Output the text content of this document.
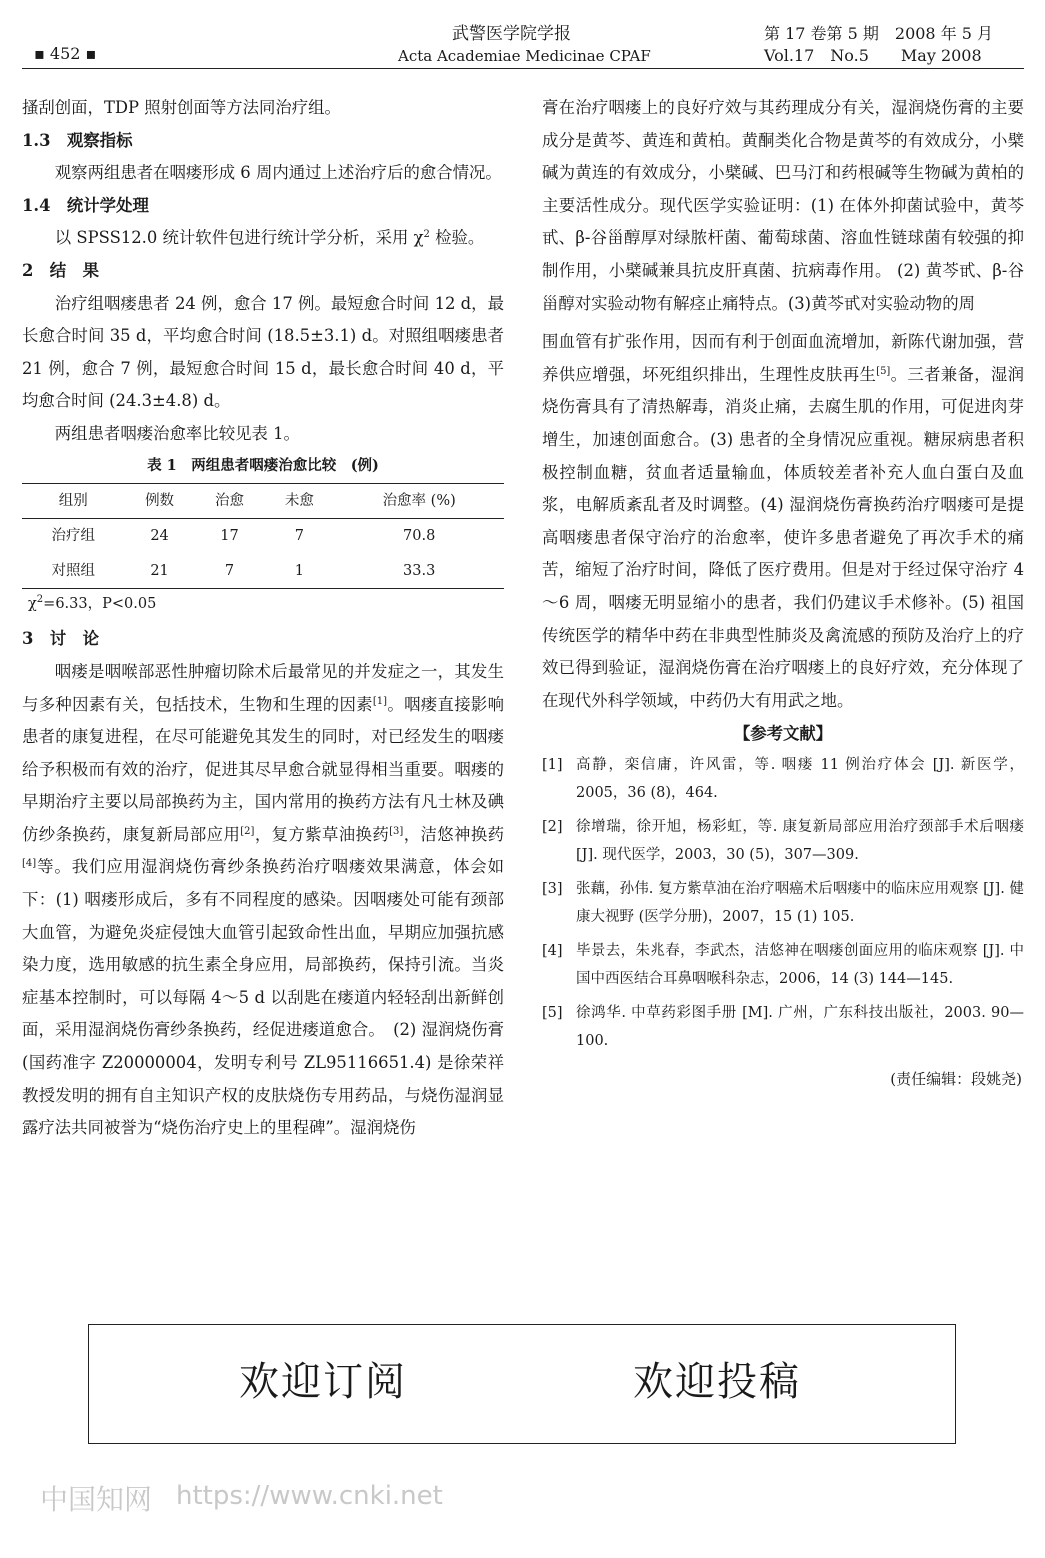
▪ 452 ▪
武警医学院学报
Acta Academiae Medicinae CPAF
第 17 卷第 5 期　2008 年 5 月
Vol.17　No.5　　May 2008

搔刮创面，TDP 照射创面等方法同治疗组。

1.3　观察指标

观察两组患者在咽瘘形成 6 周内通过上述治疗后的愈合情况。

1.4　统计学处理

以 SPSS12.0 统计软件包进行统计学分析，采用 $\chi^2$ 检验。

2　结　果

治疗组咽瘘患者 24 例，愈合 17 例。最短愈合时间 12 d，最长愈合时间 35 d，平均愈合时间 (18.5±3.1) d。对照组咽瘘患者 21 例，愈合 7 例，最短愈合时间 15 d，最长愈合时间 40 d，平均愈合时间 (24.3±4.8) d。

两组患者咽瘘治愈率比较见表 1。

表 1　两组患者咽瘘治愈比较　(例)
组别	例数	治愈	未愈	治愈率 (%)
治疗组	24	17	7	70.8
对照组	21	7	1	33.3
$\chi^2=6.33$，P<0.05

3　讨　论

咽瘘是咽喉部恶性肿瘤切除术后最常见的并发症之一，其发生与多种因素有关，包括技术，生物和生理的因素[1]。咽瘘直接影响患者的康复进程，在尽可能避免其发生的同时，对已经发生的咽瘘给予积极而有效的治疗，促进其尽早愈合就显得相当重要。咽瘘的早期治疗主要以局部换药为主，国内常用的换药方法有凡士林及碘仿纱条换药，康复新局部应用[2]，复方紫草油换药[3]，洁悠神换药[4]等。我们应用湿润烧伤膏纱条换药治疗咽瘘效果满意，体会如下：(1) 咽瘘形成后，多有不同程度的感染。因咽瘘处可能有颈部大血管，为避免炎症侵蚀大血管引起致命性出血，早期应加强抗感染力度，选用敏感的抗生素全身应用，局部换药，保持引流。当炎症基本控制时，可以每隔 4～5 d 以刮匙在瘘道内轻轻刮出新鲜创面，采用湿润烧伤膏纱条换药，经促进瘘道愈合。　(2) 湿润烧伤膏 (国药准字 Z20000004，发明专利号 ZL95116651.4) 是徐荣祥教授发明的拥有自主知识产权的皮肤烧伤专用药品，与烧伤湿润显露疗法共同被誉为“烧伤治疗史上的里程碑”。湿润烧伤

膏在治疗咽瘘上的良好疗效与其药理成分有关，湿润烧伤膏的主要成分是黄芩、黄连和黄柏。黄酮类化合物是黄芩的有效成分，小檗碱为黄连的有效成分，小檗碱、巴马汀和药根碱等生物碱为黄柏的主要活性成分。现代医学实验证明：(1) 在体外抑菌试验中，黄芩甙、β-谷甾醇厚对绿脓杆菌、葡萄球菌、溶血性链球菌有较强的抑制作用，小檗碱兼具抗皮肝真菌、抗病毒作用。 (2) 黄芩甙、β-谷甾醇对实验动物有解痉止痛特点。(3)黄芩甙对实验动物的周

围血管有扩张作用，因而有利于创面血流增加，新陈代谢加强，营养供应增强，坏死组织排出，生理性皮肤再生[5]。三者兼备，湿润烧伤膏具有了清热解毒，消炎止痛，去腐生肌的作用，可促进肉芽增生，加速创面愈合。(3) 患者的全身情况应重视。糖尿病患者积极控制血糖，贫血者适量输血，体质较差者补充人血白蛋白及血浆，电解质紊乱者及时调整。(4) 湿润烧伤膏换药治疗咽瘘可是提高咽瘘患者保守治疗的治愈率，使许多患者避免了再次手术的痛苦，缩短了治疗时间，降低了医疗费用。但是对于经过保守治疗 4～6 周，咽瘘无明显缩小的患者，我们仍建议手术修补。(5) 祖国传统医学的精华中药在非典型性肺炎及禽流感的预防及治疗上的疗效已得到验证，湿润烧伤膏在治疗咽瘘上的良好疗效，充分体现了在现代外科学领域，中药仍大有用武之地。

【参考文献】
[1] 高静，栾信庸，许风雷，等. 咽瘘 11 例治疗体会 [J]. 新医学，2005，36 (8)，464.
[2] 徐增瑞，徐开旭，杨彩虹，等. 康复新局部应用治疗颈部手术后咽瘘 [J]. 现代医学，2003，30 (5)，307—309.
[3] 张藕，孙伟. 复方紫草油在治疗咽癌术后咽瘘中的临床应用观察 [J]. 健康大视野 (医学分册)，2007，15 (1) 105.
[4] 毕景去，朱兆春，李武杰，洁悠神在咽瘘创面应用的临床观察 [J]. 中国中西医结合耳鼻咽喉科杂志，2006，14 (3) 144—145.
[5] 徐鸿华. 中草药彩图手册 [M]. 广州，广东科技出版社，2003. 90—100.
(责任编辑：段姚尧)
欢迎订阅	欢迎投稿
中国知网 https://www.cnki.net
